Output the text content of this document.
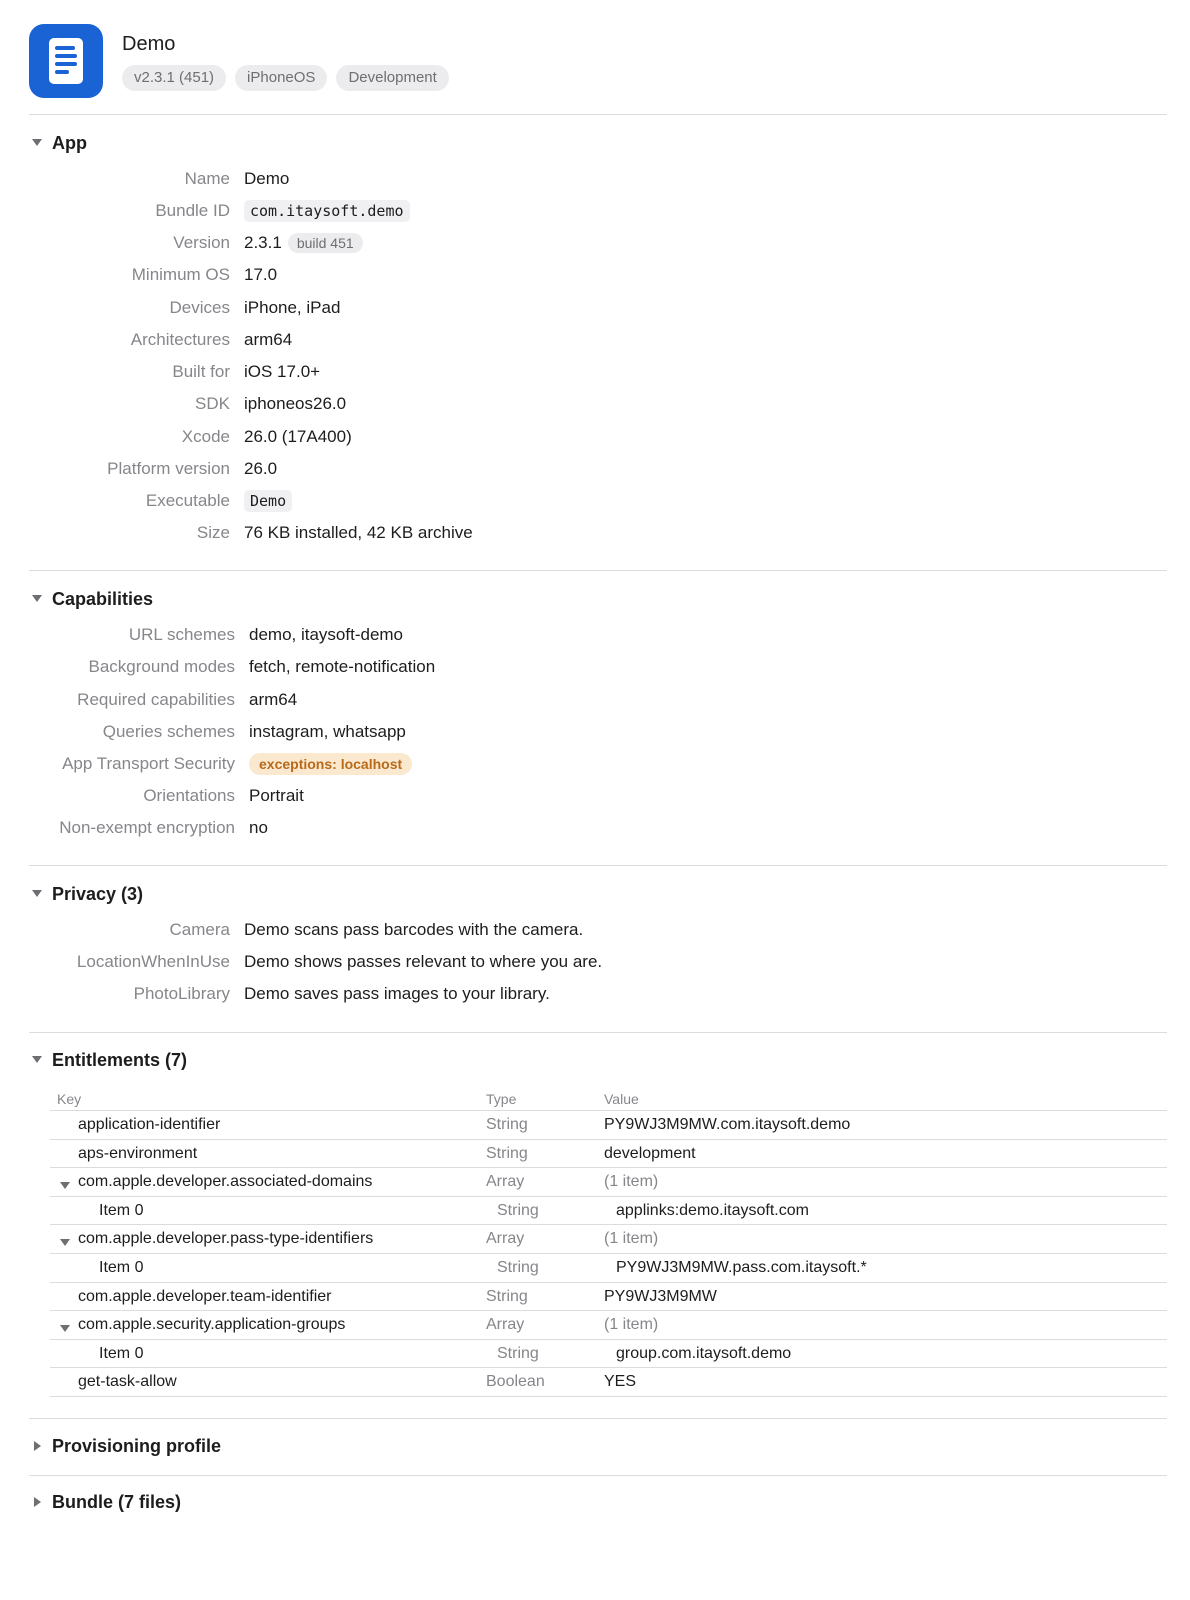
Demo
v2.3.1 (451)	iPhoneOS	Development
App
Name Demo
Bundle ID	com.itaysoft.demo
Version 2.3.1	build 451
Minimum OS 17.0
Devices iPhone, iPad
Architectures arm64
Built for iOS 17.0+
SDK iphoneos26.0
Xcode 26.0 (17A400)
Platform version 26.0
Executable	Demo
Size 76 KB installed, 42 KB archive
Capabilities
URL schemes demo, itaysoft-demo
Background modes fetch, remote-notification
Required capabilities arm64
Queries schemes instagram, whatsapp
App Transport Security	exceptions: localhost
Orientations Portrait
Non-exempt encryption no
Privacy (3)
Camera Demo scans pass barcodes with the camera.
LocationWhenInUse Demo shows passes relevant to where you are.
PhotoLibrary Demo saves pass images to your library.
Entitlements (7)
Key	Type	Value
application-identifier	String	PY9WJ3M9MW.com.itaysoft.demo
aps-environment	String	development
com.apple.developer.associated-domains	Array	(1 item)
Item 0	String	applinks:demo.itaysoft.com
com.apple.developer.pass-type-identifiers	Array	(1 item)
Item 0	String	PY9WJ3M9MW.pass.com.itaysoft.*
com.apple.developer.team-identifier	String	PY9WJ3M9MW
com.apple.security.application-groups	Array	(1 item)
Item 0	String	group.com.itaysoft.demo
get-task-allow	Boolean	YES
Provisioning profile
Bundle (7 files)
